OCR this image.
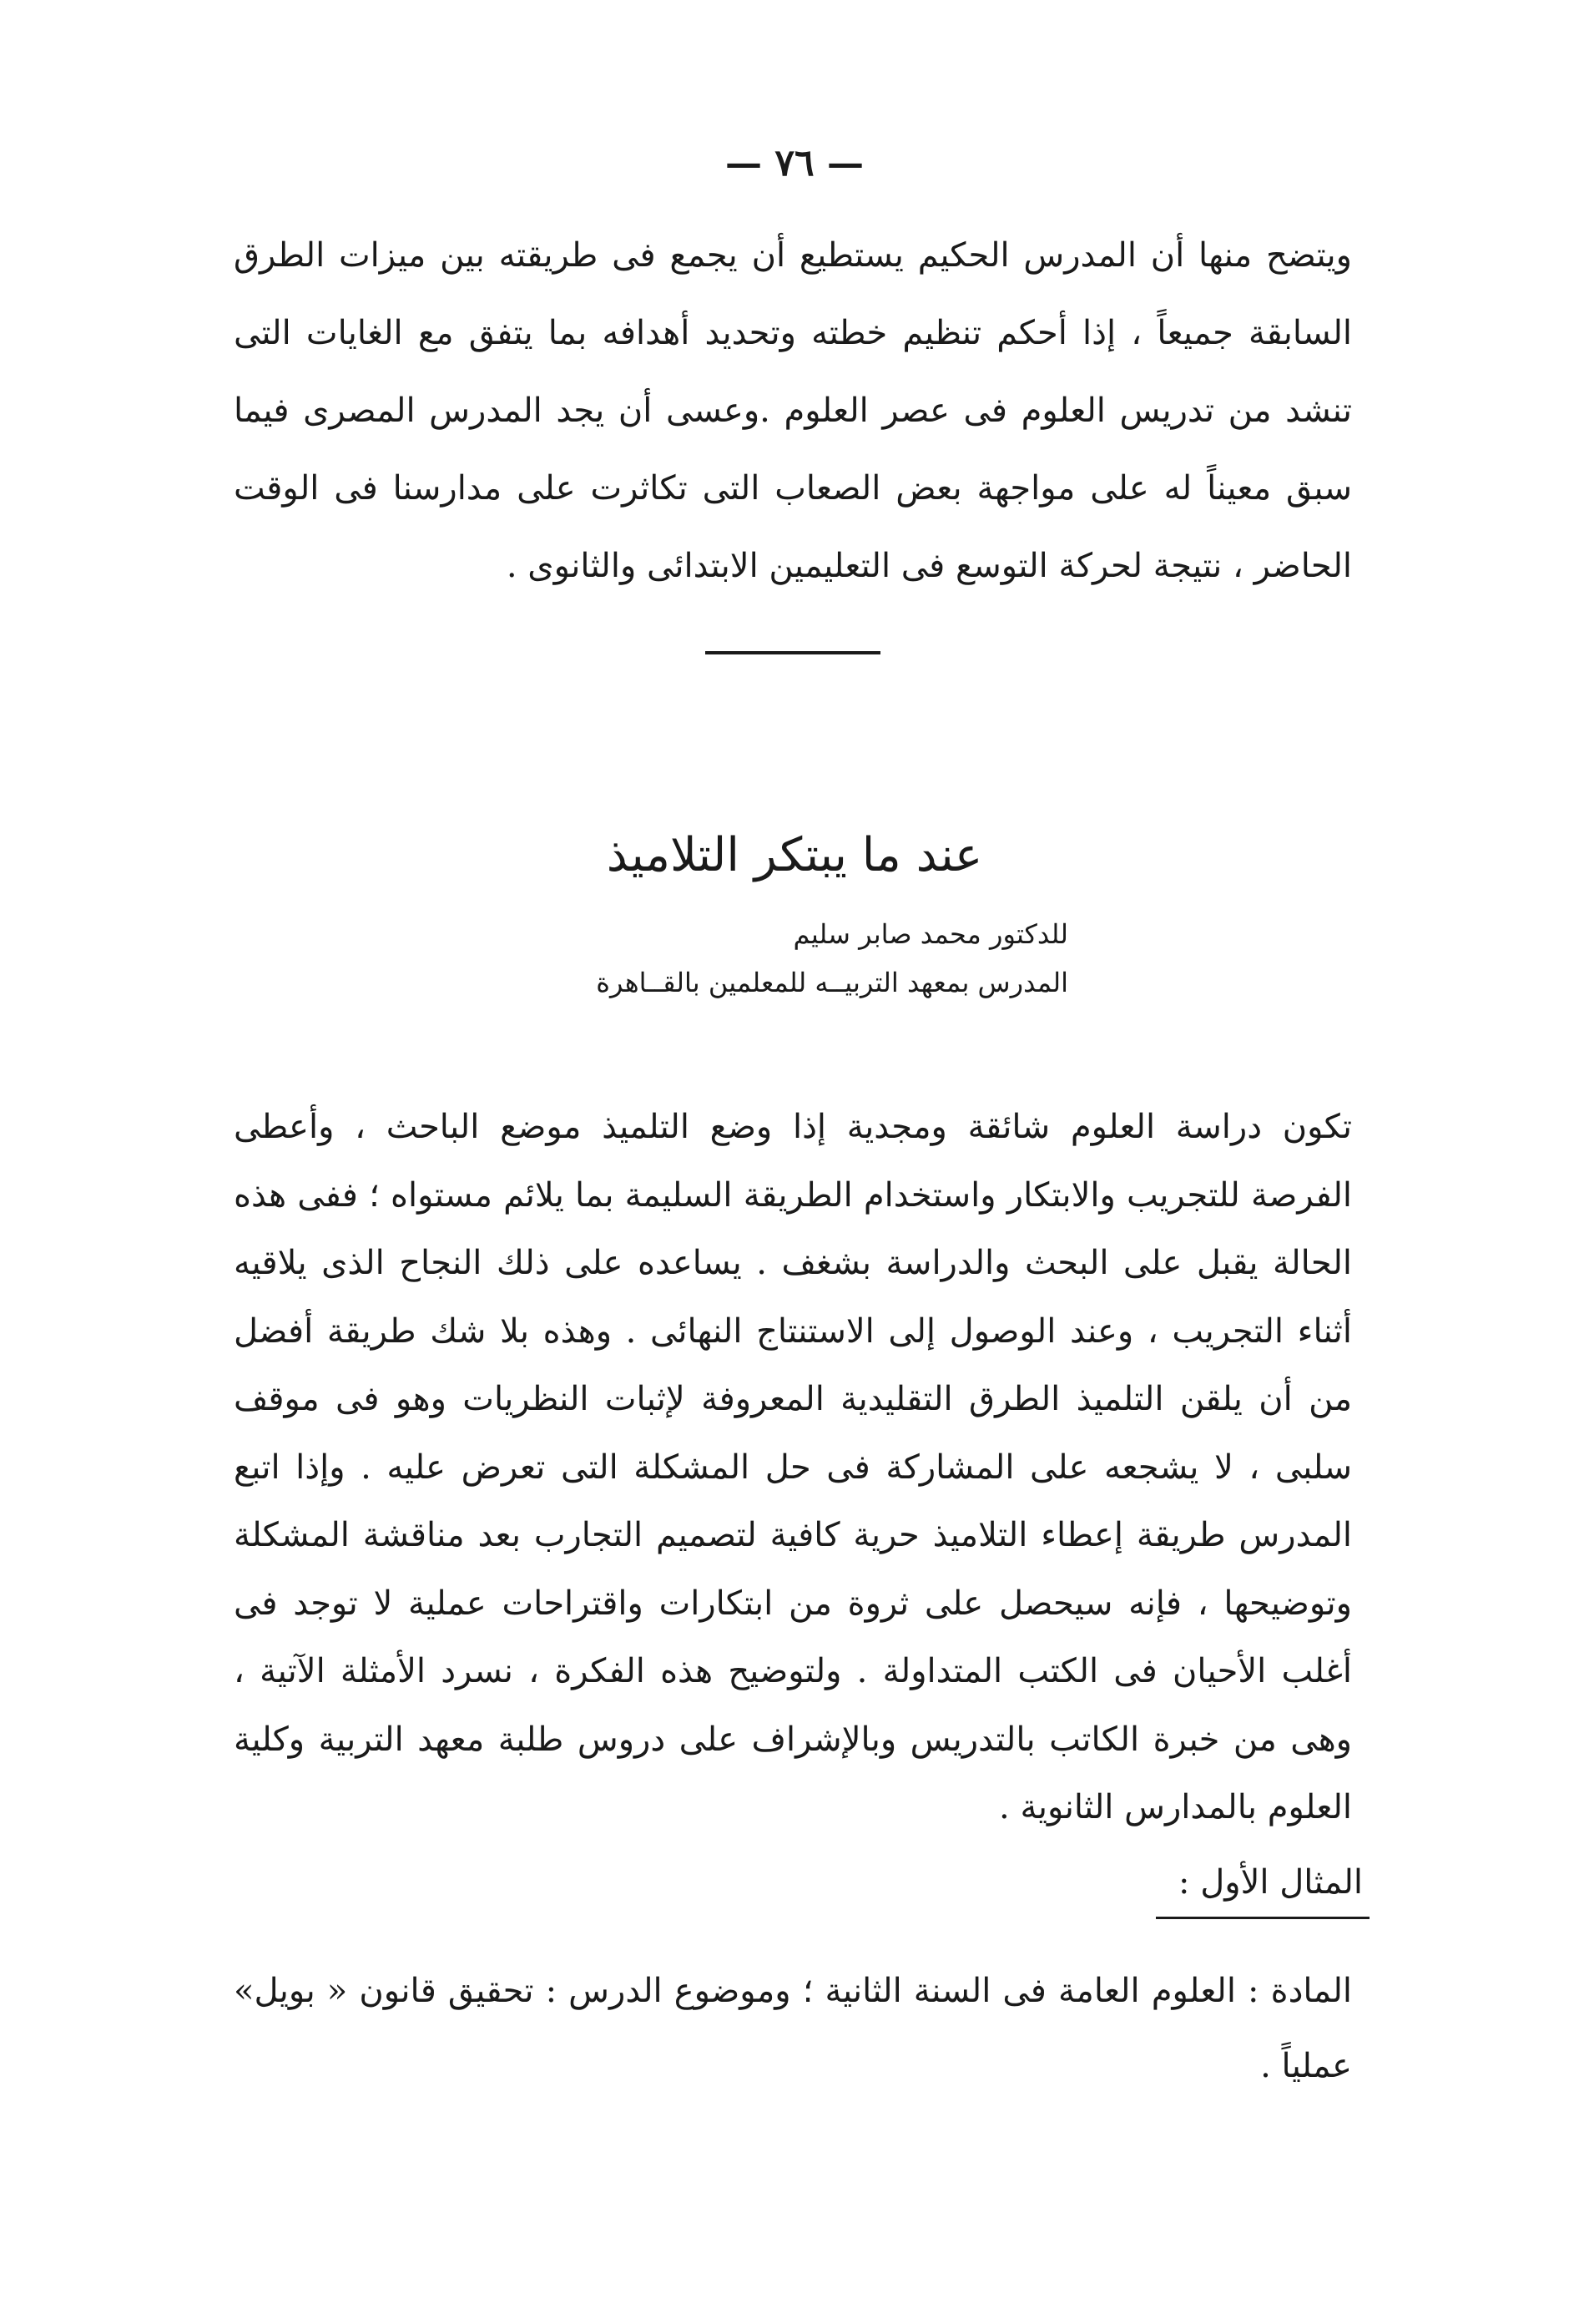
— ٧٦ —

ويتضح منها أن المدرس الحكيم يستطيع أن يجمع فى طريقته بين ميزات الطرق السابقة جميعاً ، إذا أحكم تنظيم خطته وتحديد أهدافه بما يتفق مع الغايات التى تنشد من تدريس العلوم فى عصر العلوم .وعسى أن يجد المدرس المصرى فيما سبق معيناً له على مواجهة بعض الصعاب التى تكاثرت على مدارسنا فى الوقت الحاضر ، نتيجة لحركة التوسع فى التعليمين الابتدائى والثانوى .

عند ما يبتكر التلاميذ
للدكتور محمد صابر سليم
المدرس بمعهد التربيــه للمعلمين بالقــاهرة

تكون دراسة العلوم شائقة ومجدية إذا وضع التلميذ موضع الباحث ، وأعطى الفرصة للتجريب والابتكار واستخدام الطريقة السليمة بما يلائم مستواه ؛ ففى هذه الحالة يقبل على البحث والدراسة بشغف . يساعده على ذلك النجاح الذى يلاقيه أثناء التجريب ، وعند الوصول إلى الاستنتاج النهائى . وهذه بلا شك طريقة أفضل من أن يلقن التلميذ الطرق التقليدية المعروفة لإثبات النظريات وهو فى موقف سلبى ، لا يشجعه على المشاركة فى حل المشكلة التى تعرض عليه . وإذا اتبع المدرس طريقة إعطاء التلاميذ حرية كافية لتصميم التجارب بعد مناقشة المشكلة وتوضيحها ، فإنه سيحصل على ثروة من ابتكارات واقتراحات عملية لا توجد فى أغلب الأحيان فى الكتب المتداولة . ولتوضيح هذه الفكرة ، نسرد الأمثلة الآتية ، وهى من خبرة الكاتب بالتدريس وبالإشراف على دروس طلبة معهد التربية وكلية العلوم بالمدارس الثانوية .

المثال الأول :

المادة : العلوم العامة فى السنة الثانية ؛ وموضوع الدرس : تحقيق قانون « بويل» عملياً .
